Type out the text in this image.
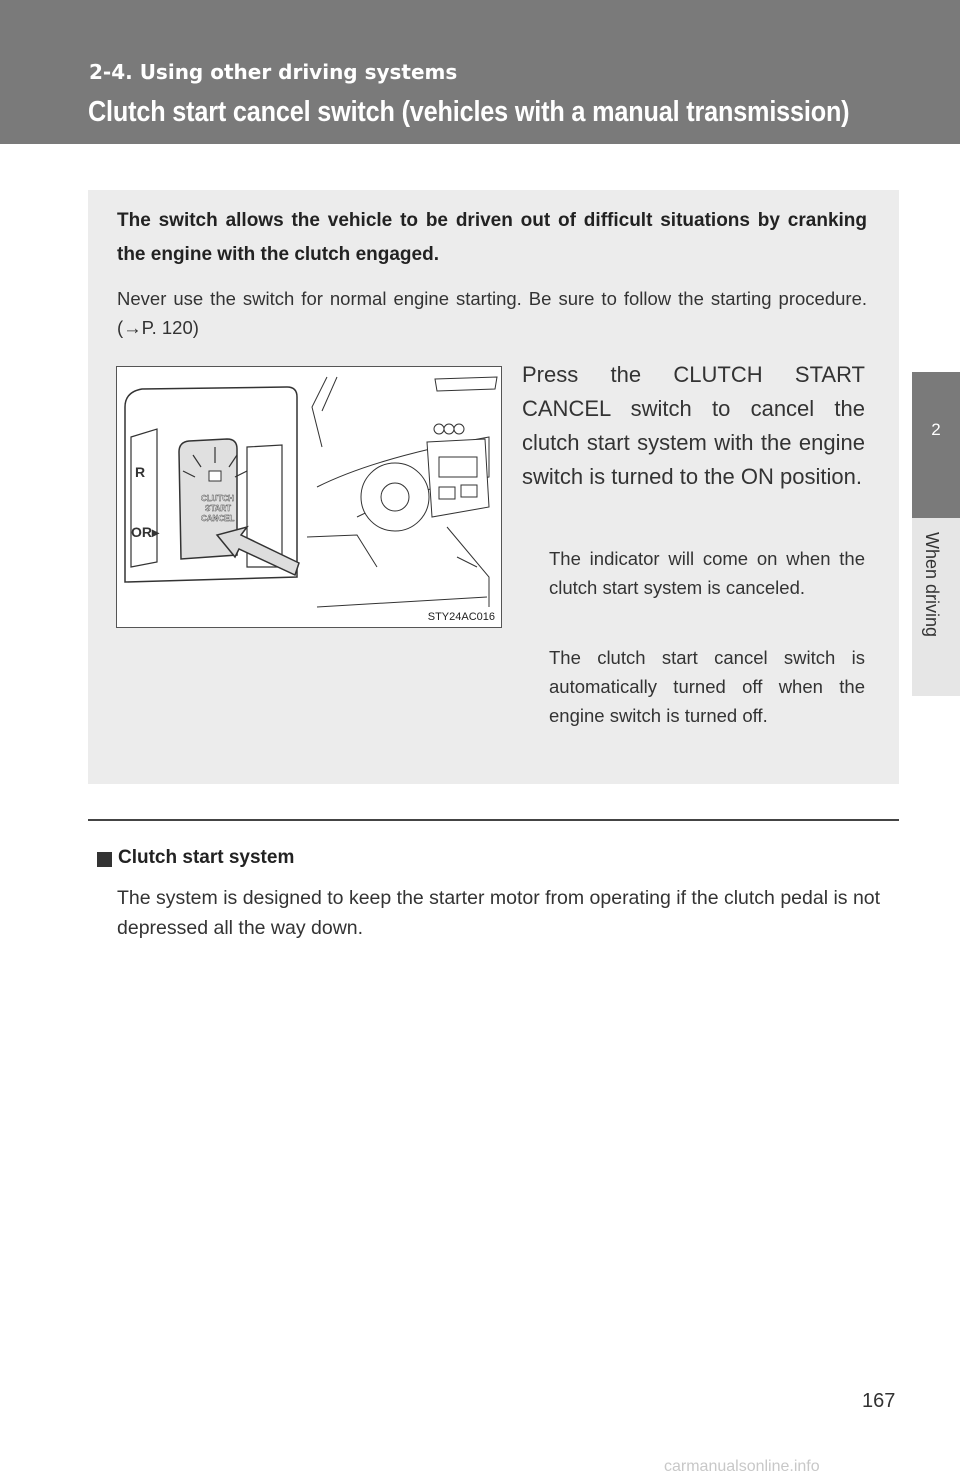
2-4. Using other driving systems
Clutch start cancel switch (vehicles with a manual transmission)
2
When driving
The switch allows the vehicle to be driven out of difficult situations by cranking the engine with the clutch engaged.
Never use the switch for normal engine starting. Be sure to follow the starting procedure. (→P. 120)
R
OR▸
CLUTCH
START
CANCEL
STY24AC016
Press the CLUTCH START CANCEL switch to cancel the clutch start system with the engine switch is turned to the ON position.
The indicator will come on when the clutch start system is canceled.
The clutch start cancel switch is automatically turned off when the engine switch is turned off.
Clutch start system
The system is designed to keep the starter motor from operating if the clutch pedal is not depressed all the way down.
167
carmanualsonline.info
